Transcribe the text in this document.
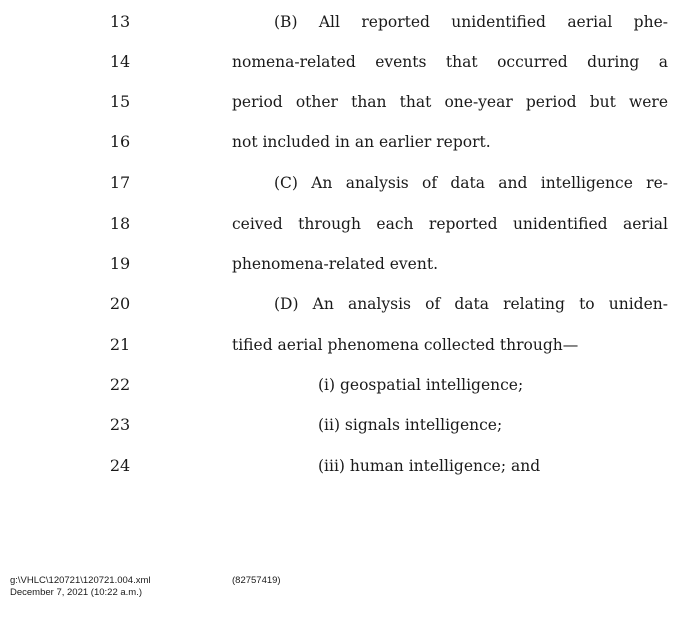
13	(B) All reported unidentified aerial phe-
14	nomena-related events that occurred during a
15	period other than that one-year period but were
16	not included in an earlier report.
17	(C) An analysis of data and intelligence re-
18	ceived through each reported unidentified aerial
19	phenomena-related event.
20	(D) An analysis of data relating to uniden-
21	tified aerial phenomena collected through—
22	(i) geospatial intelligence;
23	(ii) signals intelligence;
24	(iii) human intelligence; and
g:\VHLC\120721\120721.004.xml
December 7, 2021 (10:22 a.m.)
(82757419)
